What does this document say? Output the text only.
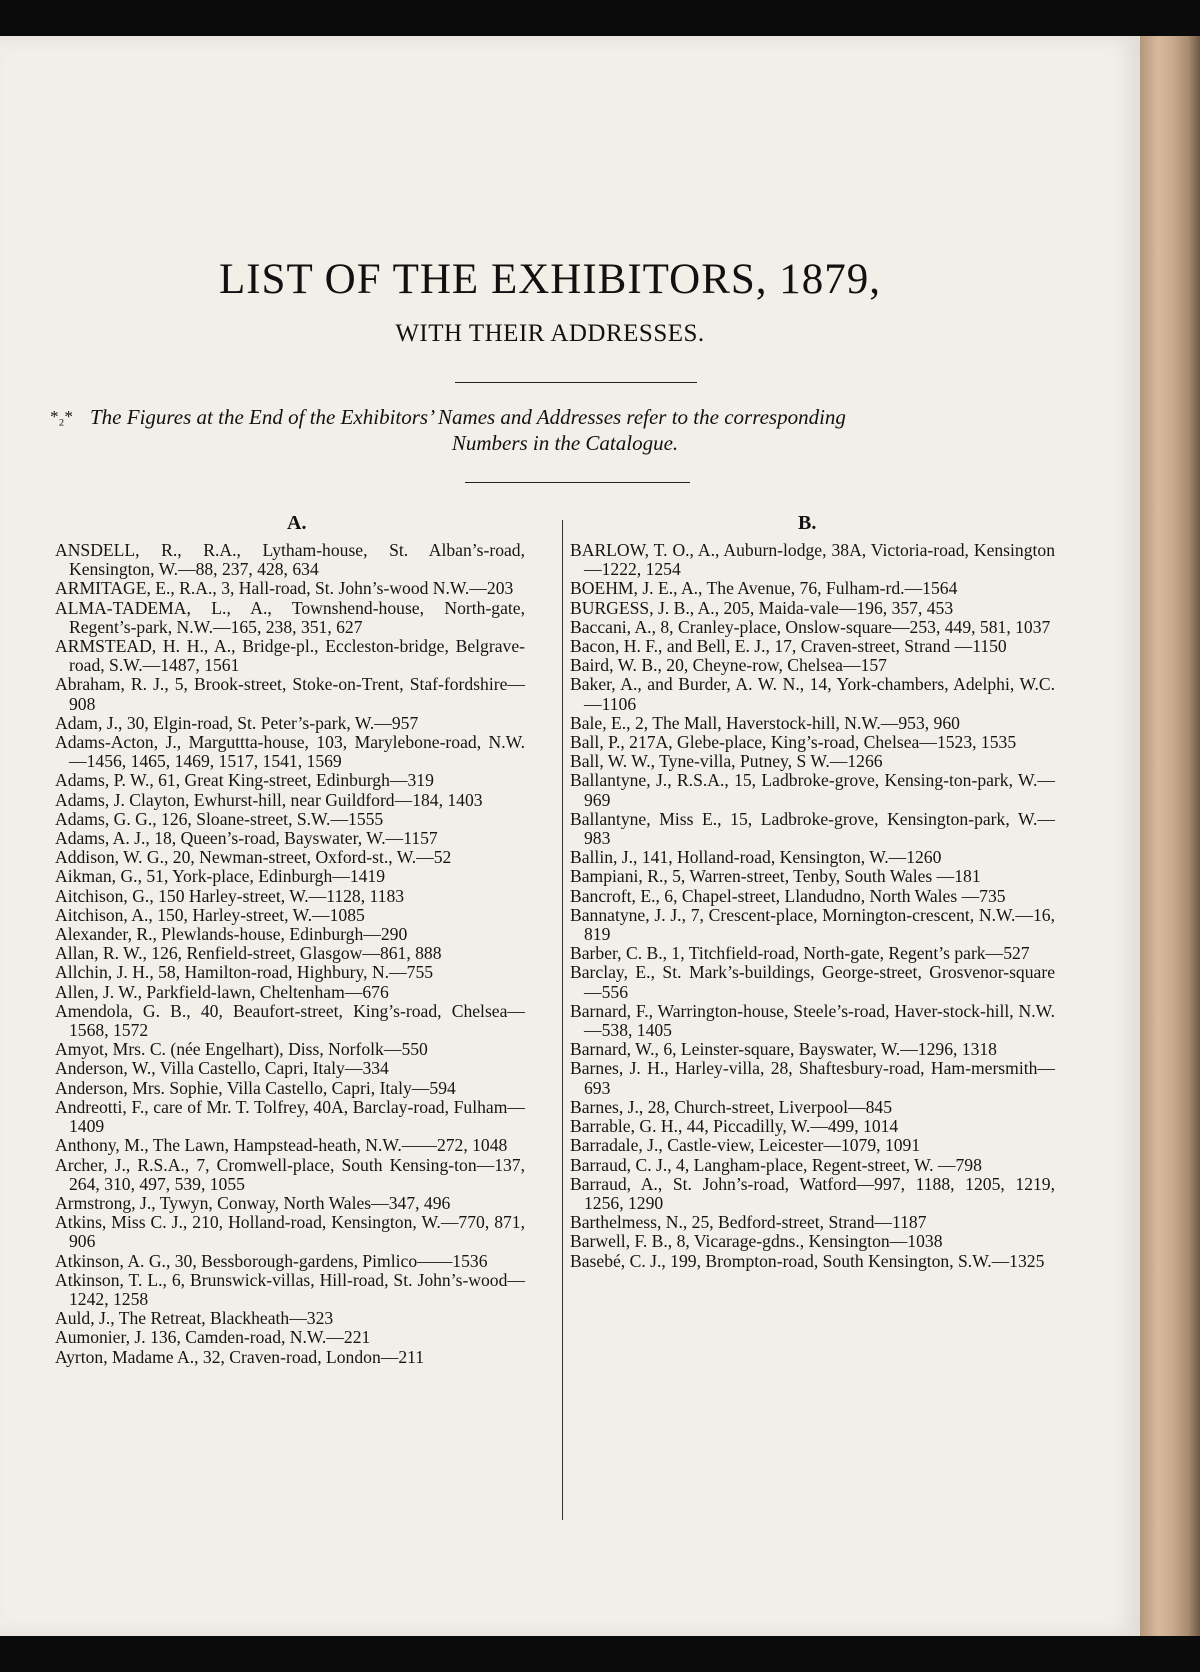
LIST OF THE EXHIBITORS, 1879,
WITH THEIR ADDRESSES.
*₂* The Figures at the End of the Exhibitors’ Names and Addresses refer to the corresponding
Numbers in the Catalogue.
A.	B.
ANSDELL, R., R.A., Lytham-house, St. Alban’s-road, Kensington, W.—88, 237, 428, 634
ARMITAGE, E., R.A., 3, Hall-road, St. John’s-wood N.W.—203
ALMA-TADEMA, L., A., Townshend-house, North-gate, Regent’s-park, N.W.—165, 238, 351, 627
ARMSTEAD, H. H., A., Bridge-pl., Eccleston-bridge, Belgrave-road, S.W.—1487, 1561
Abraham, R. J., 5, Brook-street, Stoke-on-Trent, Staf-fordshire—908
Adam, J., 30, Elgin-road, St. Peter’s-park, W.—957
Adams-Acton, J., Marguttta-house, 103, Marylebone-road, N.W.—1456, 1465, 1469, 1517, 1541, 1569
Adams, P. W., 61, Great King-street, Edinburgh—319
Adams, J. Clayton, Ewhurst-hill, near Guildford—184, 1403
Adams, G. G., 126, Sloane-street, S.W.—1555
Adams, A. J., 18, Queen’s-road, Bayswater, W.—1157
Addison, W. G., 20, Newman-street, Oxford-st., W.—52
Aikman, G., 51, York-place, Edinburgh—1419
Aitchison, G., 150 Harley-street, W.—1128, 1183
Aitchison, A., 150, Harley-street, W.—1085
Alexander, R., Plewlands-house, Edinburgh—290
Allan, R. W., 126, Renfield-street, Glasgow—861, 888
Allchin, J. H., 58, Hamilton-road, Highbury, N.—755
Allen, J. W., Parkfield-lawn, Cheltenham—676
Amendola, G. B., 40, Beaufort-street, King’s-road, Chelsea—1568, 1572
Amyot, Mrs. C. (née Engelhart), Diss, Norfolk—550
Anderson, W., Villa Castello, Capri, Italy—334
Anderson, Mrs. Sophie, Villa Castello, Capri, Italy—594
Andreotti, F., care of Mr. T. Tolfrey, 40A, Barclay-road, Fulham—1409
Anthony, M., The Lawn, Hampstead-heath, N.W.——272, 1048
Archer, J., R.S.A., 7, Cromwell-place, South Kensing-ton—137, 264, 310, 497, 539, 1055
Armstrong, J., Tywyn, Conway, North Wales—347, 496
Atkins, Miss C. J., 210, Holland-road, Kensington, W.—770, 871, 906
Atkinson, A. G., 30, Bessborough-gardens, Pimlico——1536
Atkinson, T. L., 6, Brunswick-villas, Hill-road, St. John’s-wood—1242, 1258
Auld, J., The Retreat, Blackheath—323
Aumonier, J. 136, Camden-road, N.W.—221
Ayrton, Madame A., 32, Craven-road, London—211
BARLOW, T. O., A., Auburn-lodge, 38A, Victoria-road, Kensington—1222, 1254
BOEHM, J. E., A., The Avenue, 76, Fulham-rd.—1564
BURGESS, J. B., A., 205, Maida-vale—196, 357, 453
Baccani, A., 8, Cranley-place, Onslow-square—253, 449, 581, 1037
Bacon, H. F., and Bell, E. J., 17, Craven-street, Strand —1150
Baird, W. B., 20, Cheyne-row, Chelsea—157
Baker, A., and Burder, A. W. N., 14, York-chambers, Adelphi, W.C.—1106
Bale, E., 2, The Mall, Haverstock-hill, N.W.—953, 960
Ball, P., 217A, Glebe-place, King’s-road, Chelsea—1523, 1535
Ball, W. W., Tyne-villa, Putney, S W.—1266
Ballantyne, J., R.S.A., 15, Ladbroke-grove, Kensing-ton-park, W.—969
Ballantyne, Miss E., 15, Ladbroke-grove, Kensington-park, W.—983
Ballin, J., 141, Holland-road, Kensington, W.—1260
Bampiani, R., 5, Warren-street, Tenby, South Wales —181
Bancroft, E., 6, Chapel-street, Llandudno, North Wales —735
Bannatyne, J. J., 7, Crescent-place, Mornington-crescent, N.W.—16, 819
Barber, C. B., 1, Titchfield-road, North-gate, Regent’s park—527
Barclay, E., St. Mark’s-buildings, George-street, Grosvenor-square—556
Barnard, F., Warrington-house, Steele’s-road, Haver-stock-hill, N.W.—538, 1405
Barnard, W., 6, Leinster-square, Bayswater, W.—1296, 1318
Barnes, J. H., Harley-villa, 28, Shaftesbury-road, Ham-mersmith—693
Barnes, J., 28, Church-street, Liverpool—845
Barrable, G. H., 44, Piccadilly, W.—499, 1014
Barradale, J., Castle-view, Leicester—1079, 1091
Barraud, C. J., 4, Langham-place, Regent-street, W. —798
Barraud, A., St. John’s-road, Watford—997, 1188, 1205, 1219, 1256, 1290
Barthelmess, N., 25, Bedford-street, Strand—1187
Barwell, F. B., 8, Vicarage-gdns., Kensington—1038
Basebé, C. J., 199, Brompton-road, South Kensington, S.W.—1325
